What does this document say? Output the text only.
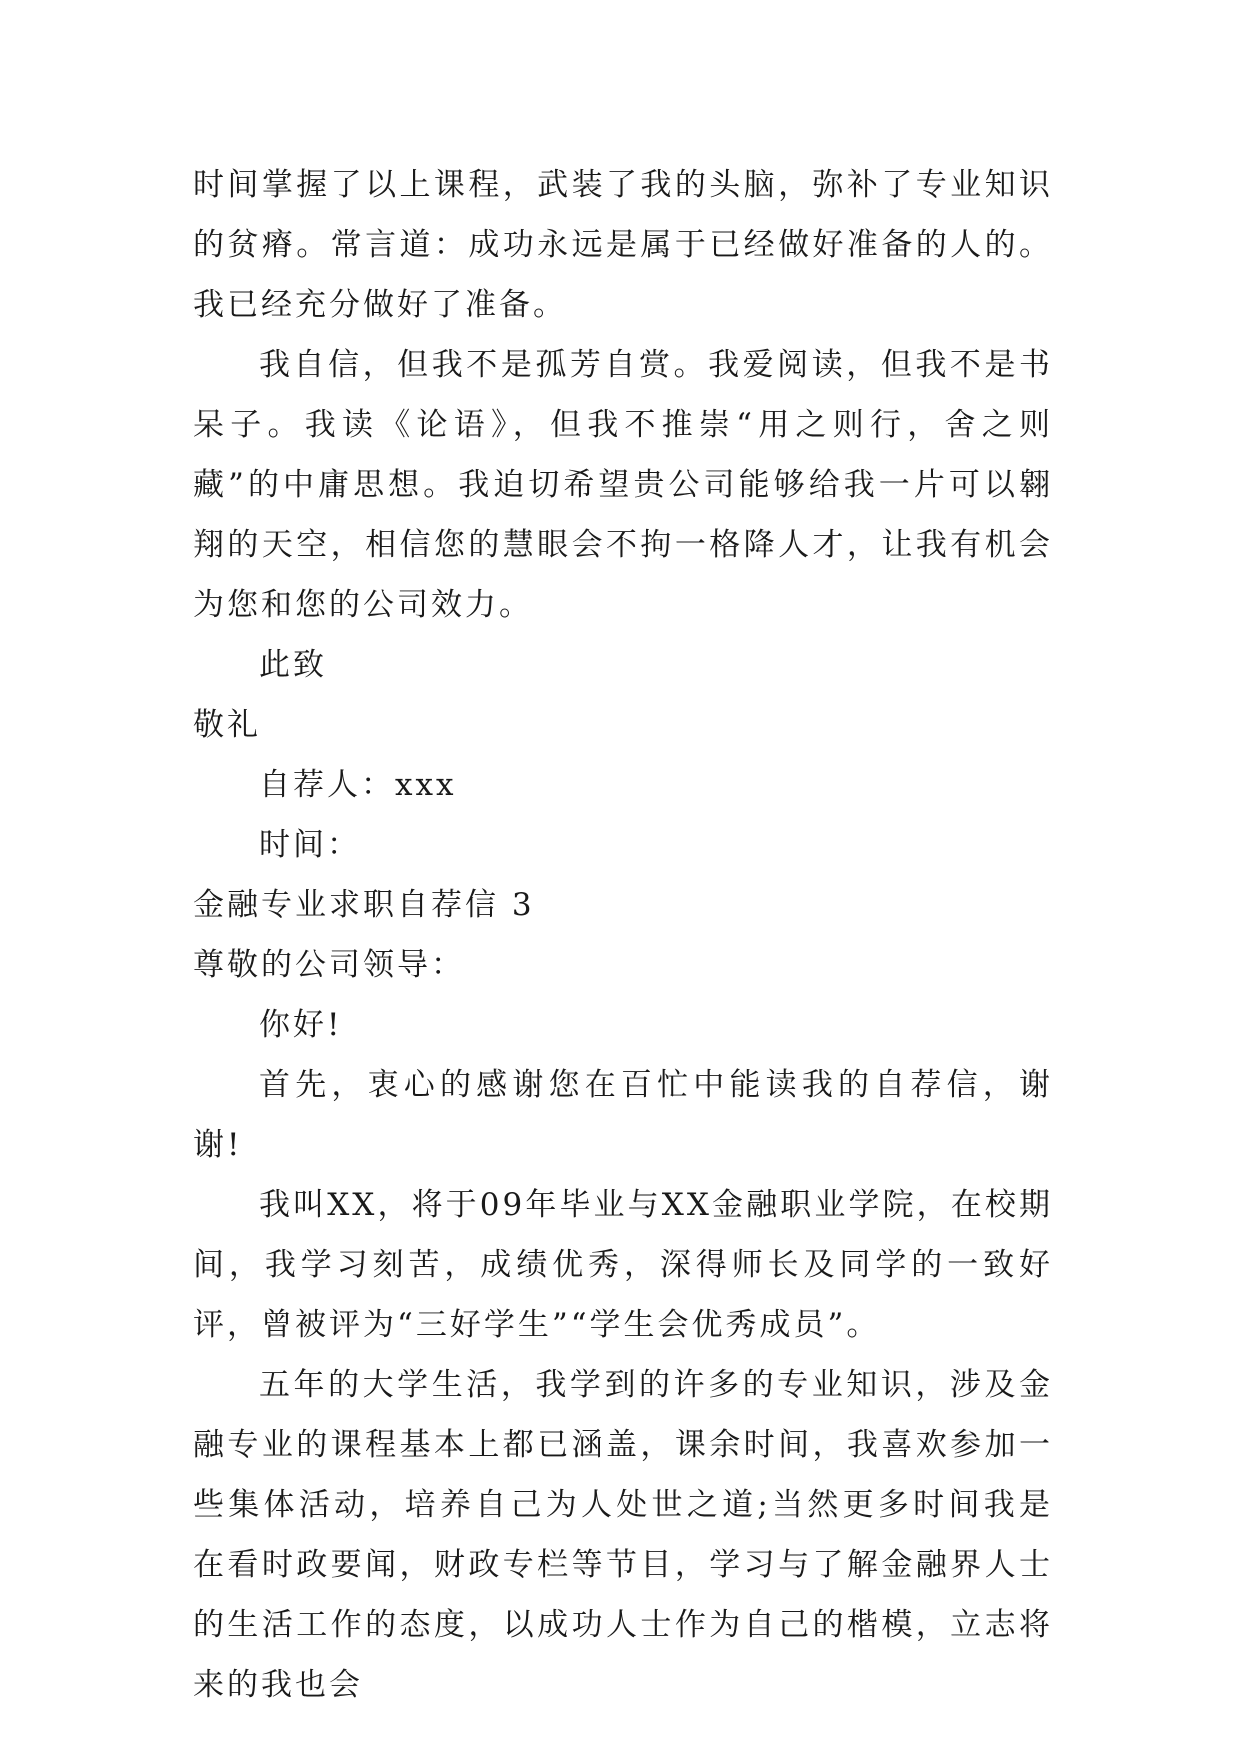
时间掌握了以上课程，武装了我的头脑，弥补了专业知识的贫瘠。常言道：成功永远是属于已经做好准备的人的。我已经充分做好了准备。

我自信，但我不是孤芳自赏。我爱阅读，但我不是书呆子。我读《论语》，但我不推崇“用之则行，舍之则藏”的中庸思想。我迫切希望贵公司能够给我一片可以翱翔的天空，相信您的慧眼会不拘一格降人才，让我有机会为您和您的公司效力。

此致

敬礼

自荐人：xxx

时间：

金融专业求职自荐信 3

尊敬的公司领导：

你好!

首先，衷心的感谢您在百忙中能读我的自荐信，谢谢!

我叫XX，将于09年毕业与XX金融职业学院，在校期间，我学习刻苦，成绩优秀，深得师长及同学的一致好评，曾被评为“三好学生”“学生会优秀成员”。

五年的大学生活，我学到的许多的专业知识，涉及金融专业的课程基本上都已涵盖，课余时间，我喜欢参加一些集体活动，培养自己为人处世之道;当然更多时间我是在看时政要闻，财政专栏等节目，学习与了解金融界人士的生活工作的态度，以成功人士作为自己的楷模，立志将来的我也会
